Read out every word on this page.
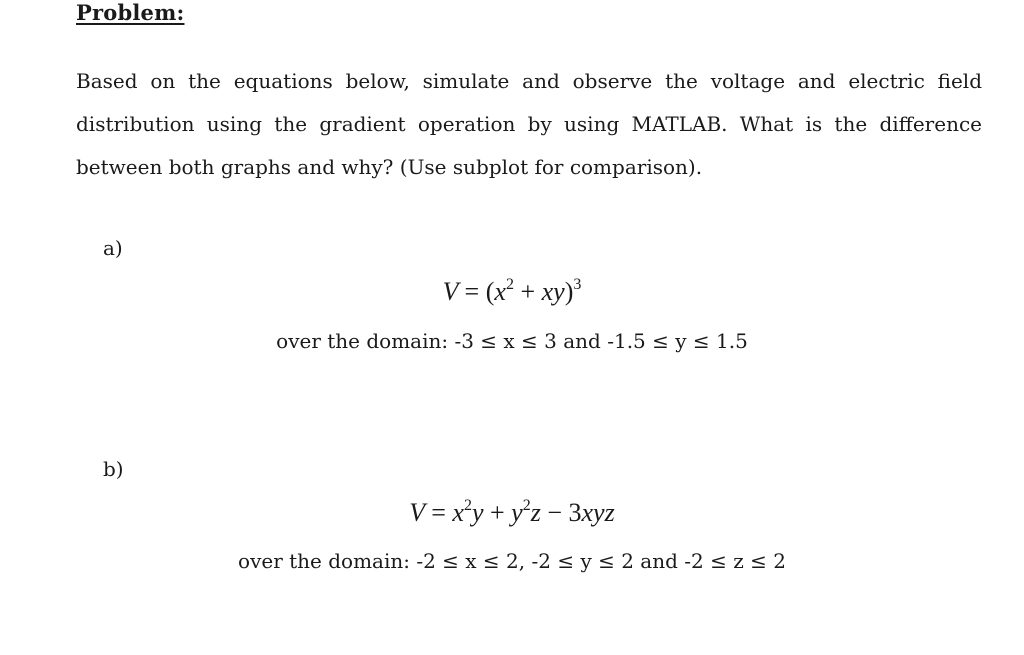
Problem:
Based on the equations below, simulate and observe the voltage and electric field distribution using the gradient operation by using MATLAB. What is the difference between both graphs and why? (Use subplot for comparison).
a)
$V = (x^2 + xy)^3$
over the domain: -3 ≤ x ≤ 3 and -1.5 ≤ y ≤ 1.5
b)
$V = x^2y + y^2z - 3xyz$
over the domain: -2 ≤ x ≤ 2, -2 ≤ y ≤ 2 and -2 ≤ z ≤ 2
